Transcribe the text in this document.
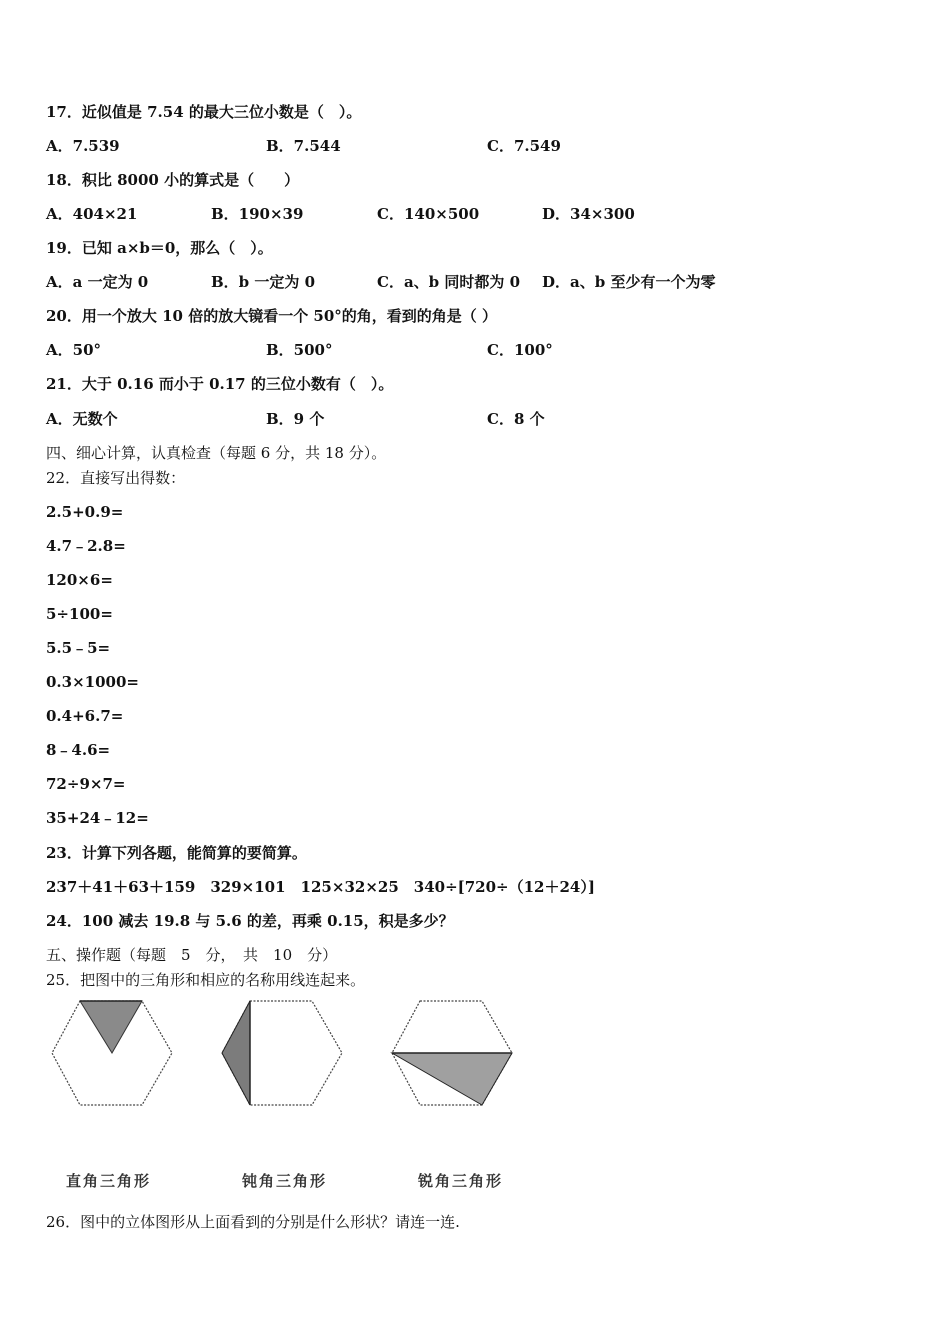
17．近似值是 7.54 的最大三位小数是（　）。
A．7.539	B．7.544	C．7.549
18．积比 8000 小的算式是（　　）
A．404×21	B．190×39	C．140×500	D．34×300
19．已知 a×b＝0，那么（　）。
A．a 一定为 0	B．b 一定为 0	C．a、b 同时都为 0 D．a、b 至少有一个为零
20．用一个放大 10 倍的放大镜看一个 50°的角，看到的角是（ ）
A．50°	B．500°	C．100°
21．大于 0.16 而小于 0.17 的三位小数有（　）。
A．无数个	B．9 个	C．8 个
四、细心计算，认真检查（每题 6 分，共 18 分）。
22．直接写出得数：
2.5+0.9=
4.7﹣2.8=
120×6=
5÷100=
5.5﹣5=
0.3×1000=
0.4+6.7=
8﹣4.6=
72÷9×7=
35+24﹣12=
23．计算下列各题，能简算的要简算。
237＋41＋63＋159　329×101　125×32×25　340÷[720÷（12＋24）]
24．100 减去 19.8 与 5.6 的差，再乘 0.15，积是多少？
五、操作题（每题　5　分，　共　10　分）
25．把图中的三角形和相应的名称用线连起来。
直角三角形	钝角三角形	锐角三角形
26．图中的立体图形从上面看到的分别是什么形状？请连一连.
